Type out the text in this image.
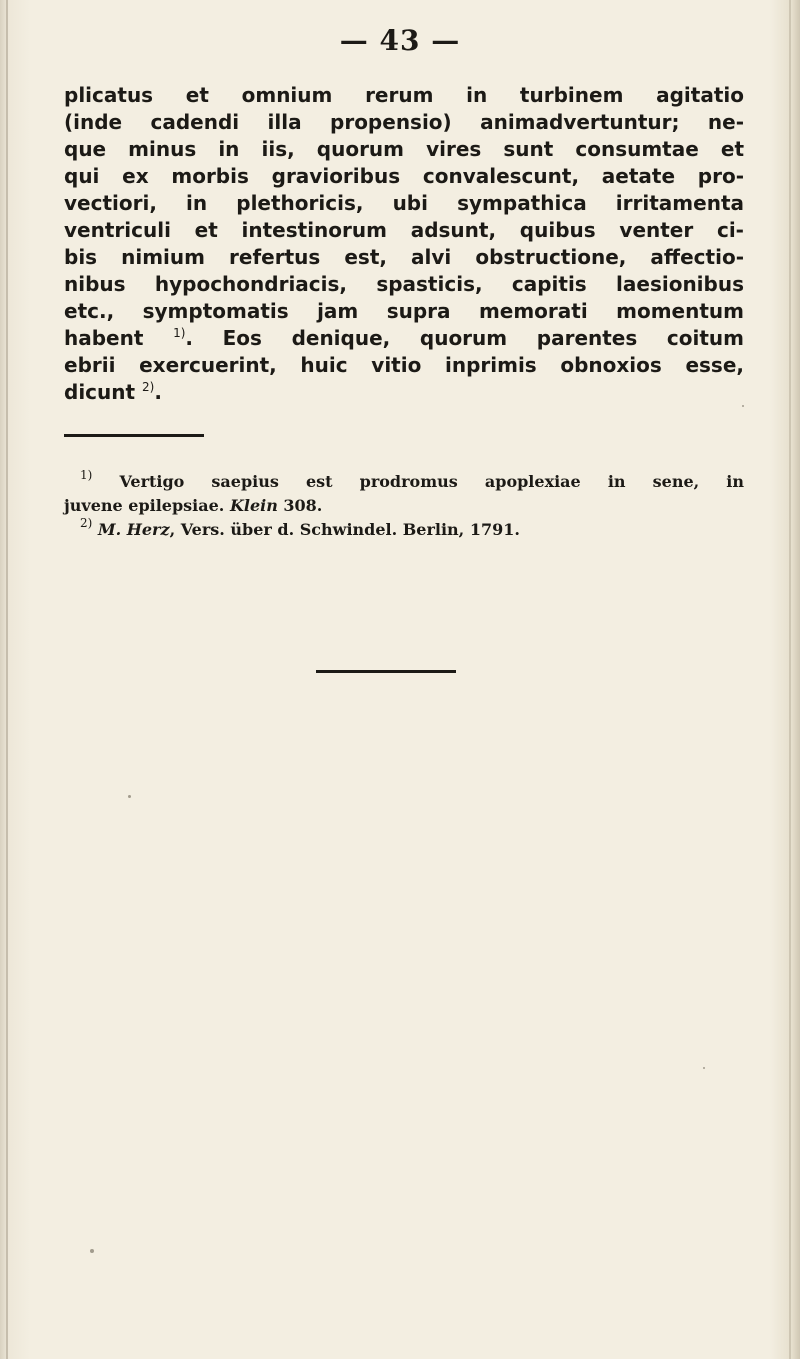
— 43 —
plicatus et omnium rerum in turbinem agitatio
(inde cadendi illa propensio) animadvertuntur; ne-
que minus in iis, quorum vires sunt consumtae et
qui ex morbis gravioribus convalescunt, aetate pro-
vectiori, in plethoricis, ubi sympathica irritamenta
ventriculi et intestinorum adsunt, quibus venter ci-
bis nimium refertus est, alvi obstructione, affectio-
nibus hypochondriacis, spasticis, capitis laesionibus
etc., symptomatis jam supra memorati momentum
habent $^{1)}$. Eos denique, quorum parentes coitum
ebrii exercuerint, huic vitio inprimis obnoxios esse,
dicunt $^{2)}$.
$^{1)}$ Vertigo saepius est prodromus apoplexiae in sene, in
juvene epilepsiae. Klein 308.
$^{2)}$ M. Herz, Vers. über d. Schwindel. Berlin, 1791.
